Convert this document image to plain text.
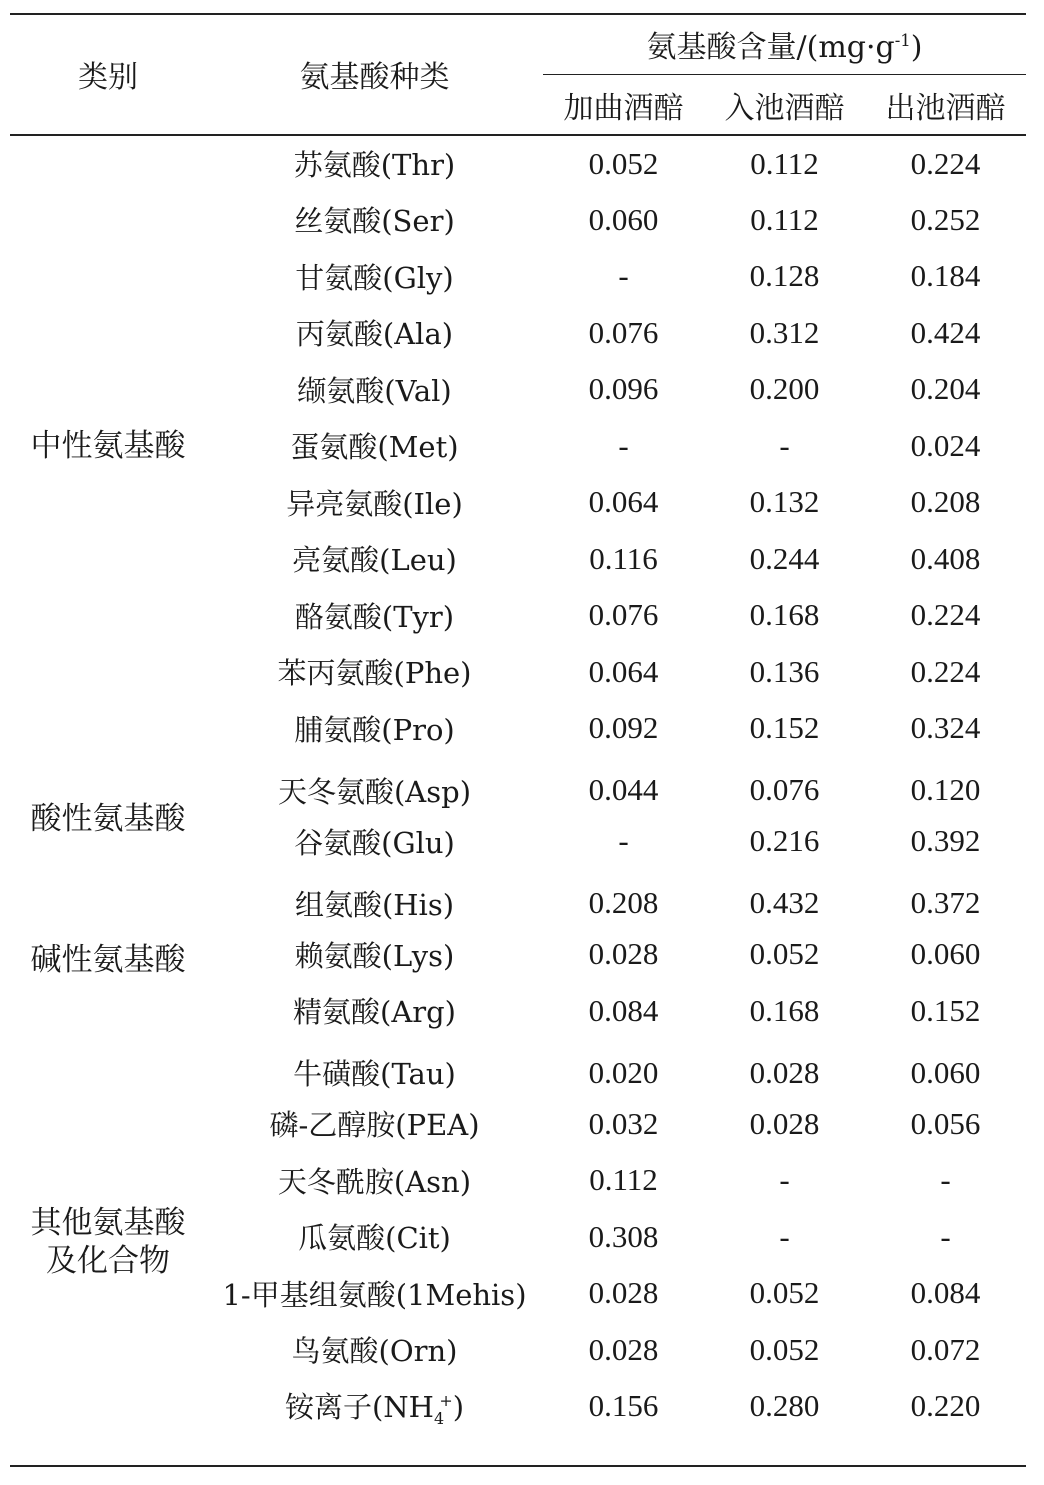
类别	氨基酸种类	氨基酸含量$/(mg\cdot g^{-1})$		
		加曲酒醅	入池酒醅	出池酒醅
中性氨基酸	苏氨酸(Thr)	0.052	0.112	0.224
	丝氨酸(Ser)	0.060	0.112	0.252
	甘氨酸(Gly)	-	0.128	0.184
	丙氨酸(Ala)	0.076	0.312	0.424
	缬氨酸(Val)	0.096	0.200	0.204
	蛋氨酸(Met)	-	-	0.024
	异亮氨酸(Ile)	0.064	0.132	0.208
	亮氨酸(Leu)	0.116	0.244	0.408
	酪氨酸(Tyr)	0.076	0.168	0.224
	苯丙氨酸(Phe)	0.064	0.136	0.224
	脯氨酸(Pro)	0.092	0.152	0.324
酸性氨基酸	天冬氨酸(Asp)	0.044	0.076	0.120
	谷氨酸(Glu)	-	0.216	0.392
碱性氨基酸	组氨酸(His)	0.208	0.432	0.372
	赖氨酸(Lys)	0.028	0.052	0.060
	精氨酸(Arg)	0.084	0.168	0.152

其他氨基酸
及化合物	牛磺酸(Tau)	0.020	0.028	0.060
	磷-乙醇胺(PEA)	0.032	0.028	0.056
	天冬酰胺(Asn)	0.112	-	-
	瓜氨酸(Cit)	0.308	-	-
	1-甲基组氨酸(1Mehis)	0.028	0.052	0.084
	鸟氨酸(Orn)	0.028	0.052	0.072
	铵离子$(NH_4^+)$	0.156	0.280	0.220
